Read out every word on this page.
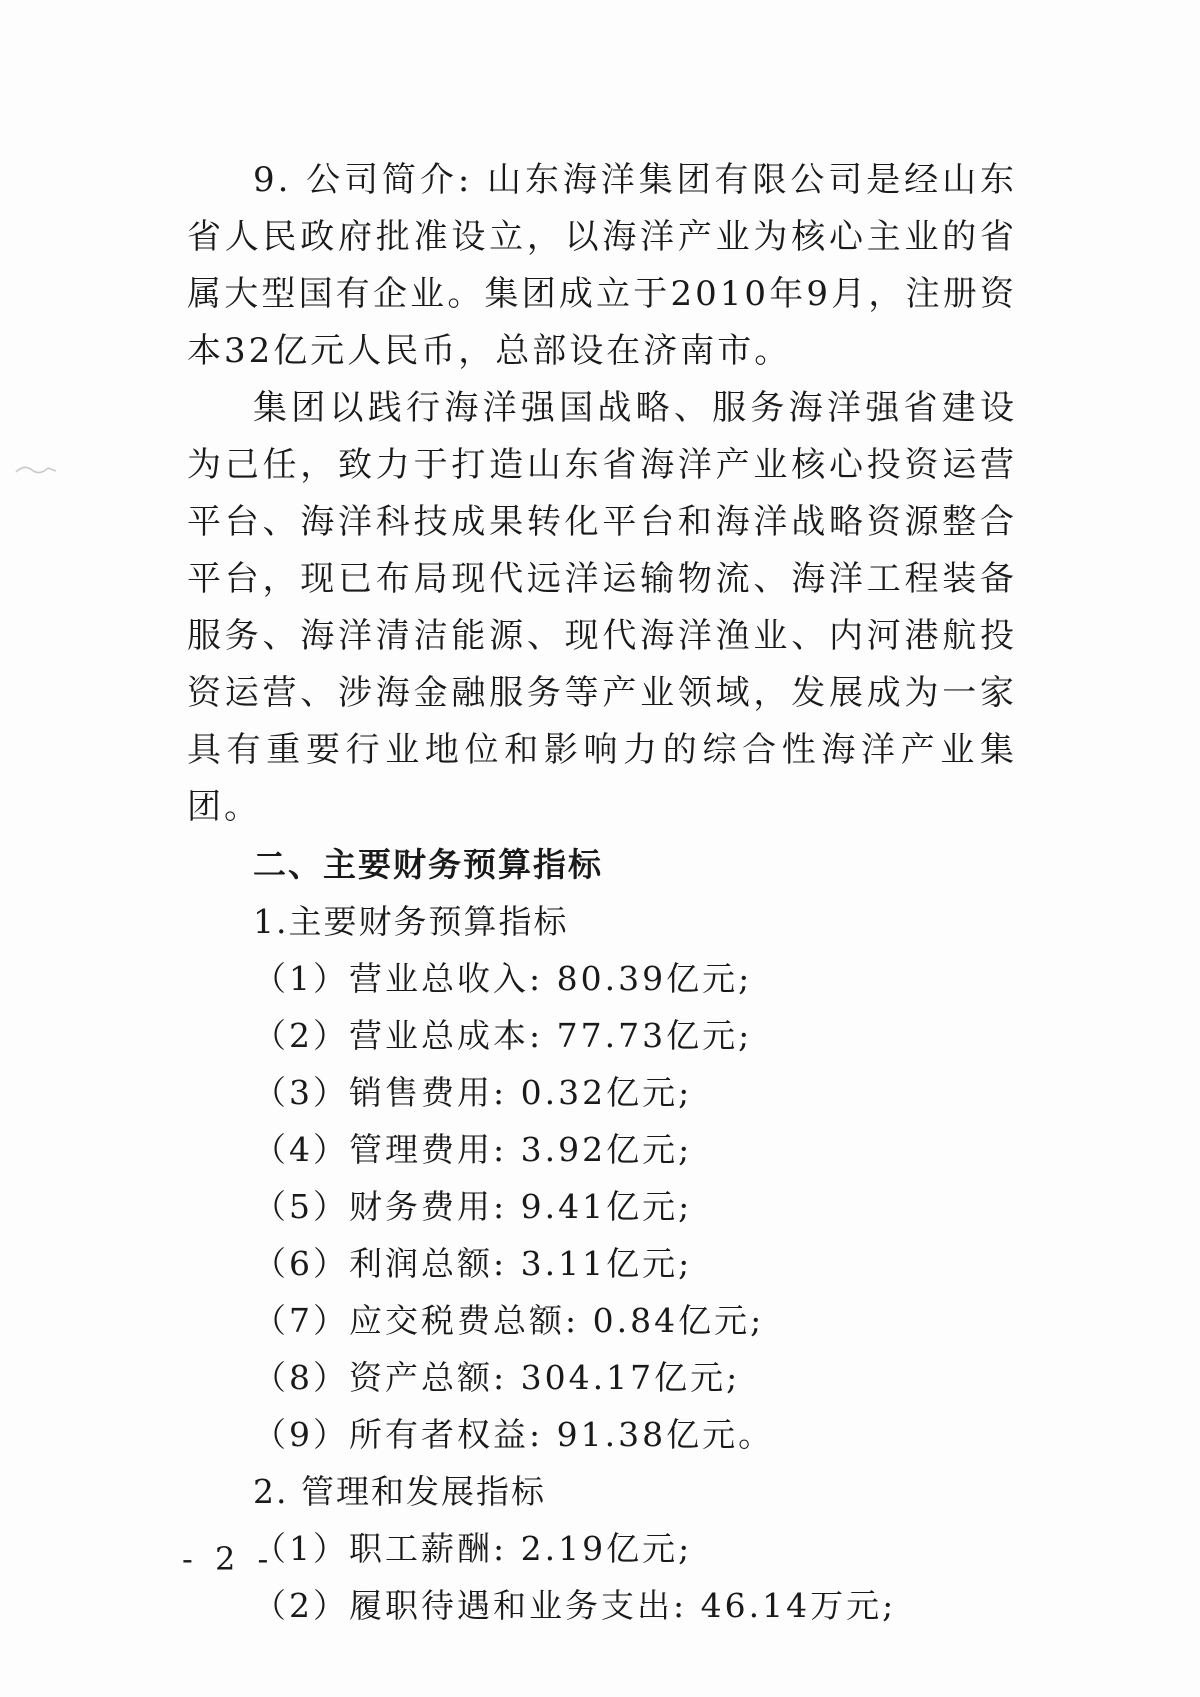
9. 公司简介: 山东海洋集团有限公司是经山东省人民政府批准设立，以海洋产业为核心主业的省属大型国有企业。集团成立于2010年9月，注册资本32亿元人民币，总部设在济南市。

集团以践行海洋强国战略、服务海洋强省建设为己任，致力于打造山东省海洋产业核心投资运营平台、海洋科技成果转化平台和海洋战略资源整合平台，现已布局现代远洋运输物流、海洋工程装备服务、海洋清洁能源、现代海洋渔业、内河港航投资运营、涉海金融服务等产业领域，发展成为一家具有重要行业地位和影响力的综合性海洋产业集团。

二、主要财务预算指标
1.主要财务预算指标
（1）营业总收入: 80.39亿元;
（2）营业总成本: 77.73亿元;
（3）销售费用: 0.32亿元;
（4）管理费用: 3.92亿元;
（5）财务费用: 9.41亿元;
（6）利润总额: 3.11亿元;
（7）应交税费总额: 0.84亿元;
（8）资产总额: 304.17亿元;
（9）所有者权益: 91.38亿元。
2. 管理和发展指标
（1）职工薪酬: 2.19亿元;
（2）履职待遇和业务支出: 46.14万元;
- 2 -
